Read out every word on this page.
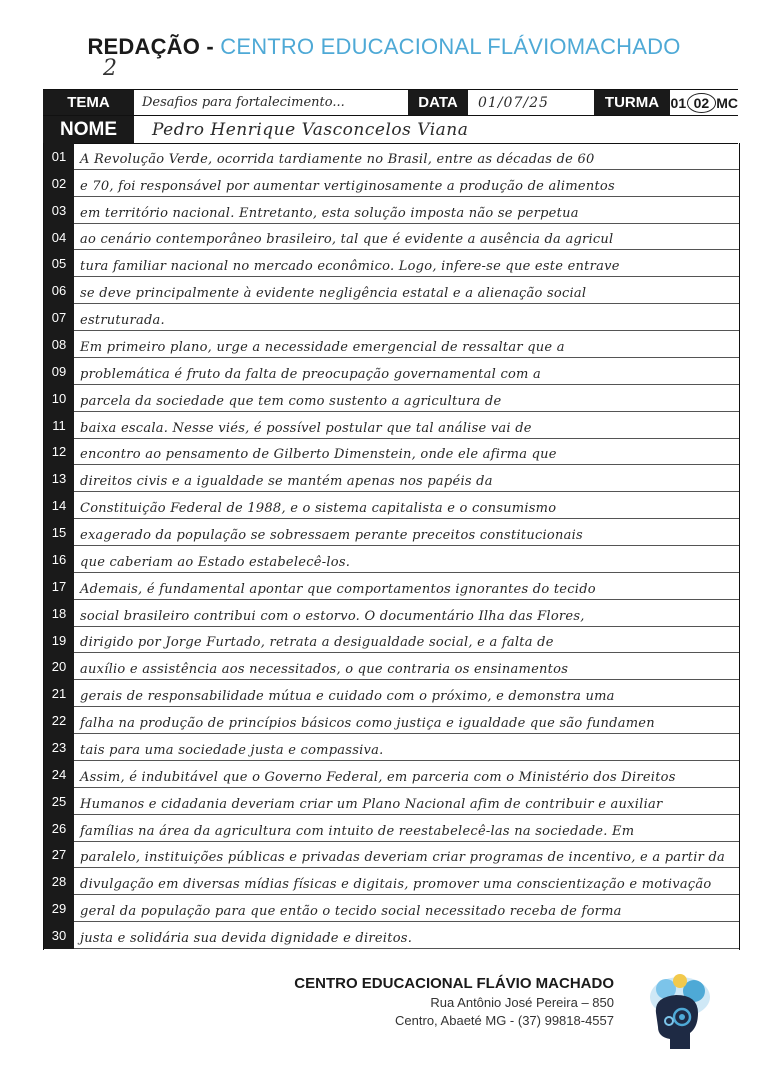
REDAÇÃO - CENTRO EDUCACIONAL FLÁVIOMACHADO
2
TEMA	Desafios para fortalecimento...	DATA	01/07/25	TURMA 01 02 MC
NOME	Pedro Henrique Vasconcelos Viana
01	A Revolução Verde, ocorrida tardiamente no Brasil, entre as décadas de 60
02	e 70, foi responsável por aumentar vertiginosamente a produção de alimentos
03	em território nacional. Entretanto, esta solução imposta não se perpetua
04	ao cenário contemporâneo brasileiro, tal que é evidente a ausência da agricul
05	tura familiar nacional no mercado econômico. Logo, infere-se que este entrave
06	se deve principalmente à evidente negligência estatal e a alienação social
07	estruturada.
08	Em primeiro plano, urge a necessidade emergencial de ressaltar que a
09	problemática é fruto da falta de preocupação governamental com a
10	parcela da sociedade que tem como sustento a agricultura de
11	baixa escala. Nesse viés, é possível postular que tal análise vai de
12	encontro ao pensamento de Gilberto Dimenstein, onde ele afirma que
13	direitos civis e a igualdade se mantém apenas nos papéis da
14	Constituição Federal de 1988, e o sistema capitalista e o consumismo
15	exagerado da população se sobressaem perante preceitos constitucionais
16	que caberiam ao Estado estabelecê-los.
17	Ademais, é fundamental apontar que comportamentos ignorantes do tecido
18	social brasileiro contribui com o estorvo. O documentário Ilha das Flores,
19	dirigido por Jorge Furtado, retrata a desigualdade social, e a falta de
20	auxílio e assistência aos necessitados, o que contraria os ensinamentos
21	gerais de responsabilidade mútua e cuidado com o próximo, e demonstra uma
22	falha na produção de princípios básicos como justiça e igualdade que são fundamen
23	tais para uma sociedade justa e compassiva.
24	Assim, é indubitável que o Governo Federal, em parceria com o Ministério dos Direitos
25	Humanos e cidadania deveriam criar um Plano Nacional afim de contribuir e auxiliar
26	famílias na área da agricultura com intuito de reestabelecê-las na sociedade. Em
27	paralelo, instituições públicas e privadas deveriam criar programas de incentivo, e a partir da
28	divulgação em diversas mídias físicas e digitais, promover uma conscientização e motivação
29	geral da população para que então o tecido social necessitado receba de forma
30	justa e solidária sua devida dignidade e direitos.
CENTRO EDUCACIONAL FLÁVIO MACHADO
Rua Antônio José Pereira – 850
Centro, Abaeté MG - (37) 99818-4557
